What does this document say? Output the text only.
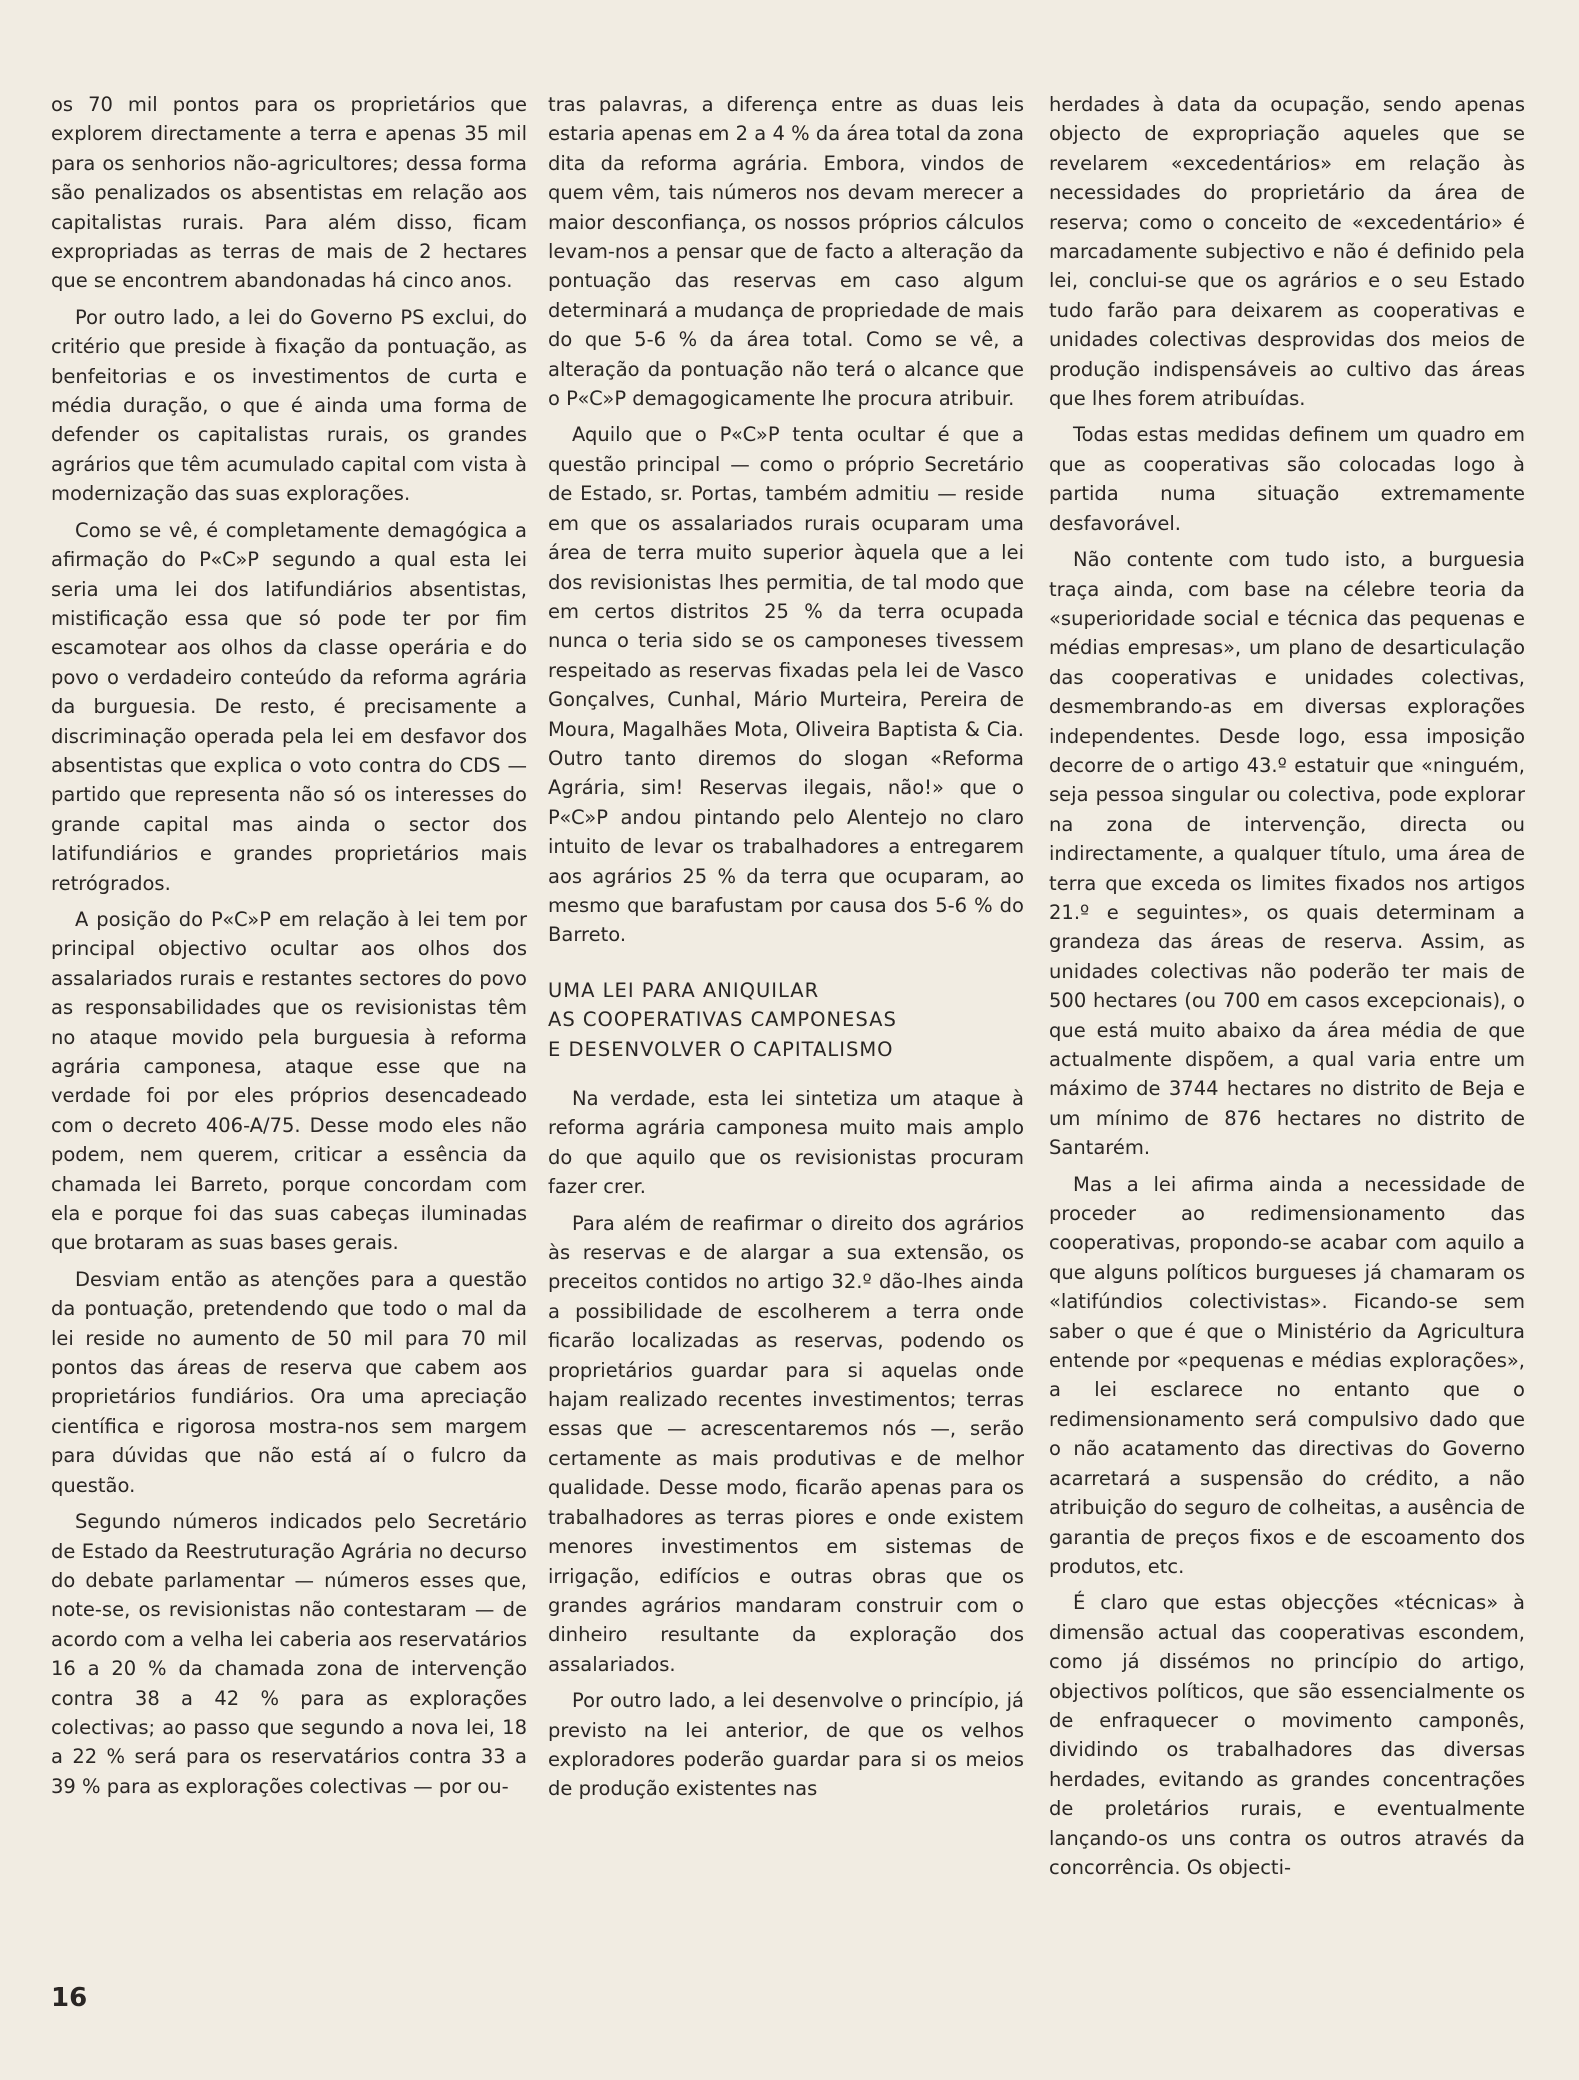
os 70 mil pontos para os proprietários que explorem directamente a terra e apenas 35 mil para os senhorios não-agricultores; dessa forma são penalizados os absentistas em relação aos capitalistas rurais. Para além disso, ficam expropriadas as terras de mais de 2 hectares que se encontrem abandonadas há cinco anos.

Por outro lado, a lei do Governo PS exclui, do critério que preside à fixação da pontuação, as benfeitorias e os investimentos de curta e média duração, o que é ainda uma forma de defender os capitalistas rurais, os grandes agrários que têm acumulado capital com vista à modernização das suas explorações.

Como se vê, é completamente demagógica a afirmação do P«C»P segundo a qual esta lei seria uma lei dos latifundiários absentistas, mistificação essa que só pode ter por fim escamotear aos olhos da classe operária e do povo o verdadeiro conteúdo da reforma agrária da burguesia. De resto, é precisamente a discriminação operada pela lei em desfavor dos absentistas que explica o voto contra do CDS — partido que representa não só os interesses do grande capital mas ainda o sector dos latifundiários e grandes proprietários mais retrógrados.

A posição do P«C»P em relação à lei tem por principal objectivo ocultar aos olhos dos assalariados rurais e restantes sectores do povo as responsabilidades que os revisionistas têm no ataque movido pela burguesia à reforma agrária camponesa, ataque esse que na verdade foi por eles próprios desencadeado com o decreto 406-A/75. Desse modo eles não podem, nem querem, criticar a essência da chamada lei Barreto, porque concordam com ela e porque foi das suas cabeças iluminadas que brotaram as suas bases gerais.

Desviam então as atenções para a questão da pontuação, pretendendo que todo o mal da lei reside no aumento de 50 mil para 70 mil pontos das áreas de reserva que cabem aos proprietários fundiários. Ora uma apreciação científica e rigorosa mostra-nos sem margem para dúvidas que não está aí o fulcro da questão.

Segundo números indicados pelo Secretário de Estado da Reestruturação Agrária no decurso do debate parlamentar — números esses que, note-se, os revisionistas não contestaram — de acordo com a velha lei caberia aos reservatários 16 a 20 % da chamada zona de intervenção contra 38 a 42 % para as explorações colectivas; ao passo que segundo a nova lei, 18 a 22 % será para os reservatários contra 33 a 39 % para as explorações colectivas — por ou-

tras palavras, a diferença entre as duas leis estaria apenas em 2 a 4 % da área total da zona dita da reforma agrária. Embora, vindos de quem vêm, tais números nos devam merecer a maior desconfiança, os nossos próprios cálculos levam-nos a pensar que de facto a alteração da pontuação das reservas em caso algum determinará a mudança de propriedade de mais do que 5-6 % da área total. Como se vê, a alteração da pontuação não terá o alcance que o P«C»P demagogicamente lhe procura atribuir.

Aquilo que o P«C»P tenta ocultar é que a questão principal — como o próprio Secretário de Estado, sr. Portas, também admitiu — reside em que os assalariados rurais ocuparam uma área de terra muito superior àquela que a lei dos revisionistas lhes permitia, de tal modo que em certos distritos 25 % da terra ocupada nunca o teria sido se os camponeses tivessem respeitado as reservas fixadas pela lei de Vasco Gonçalves, Cunhal, Mário Murteira, Pereira de Moura, Magalhães Mota, Oliveira Baptista & Cia. Outro tanto diremos do slogan «Reforma Agrária, sim! Reservas ilegais, não!» que o P«C»P andou pintando pelo Alentejo no claro intuito de levar os trabalhadores a entregarem aos agrários 25 % da terra que ocuparam, ao mesmo que barafustam por causa dos 5-6 % do Barreto.

UMA LEI PARA ANIQUILAR
AS COOPERATIVAS CAMPONESAS
E DESENVOLVER O CAPITALISMO

Na verdade, esta lei sintetiza um ataque à reforma agrária camponesa muito mais amplo do que aquilo que os revisionistas procuram fazer crer.

Para além de reafirmar o direito dos agrários às reservas e de alargar a sua extensão, os preceitos contidos no artigo 32.º dão-lhes ainda a possibilidade de escolherem a terra onde ficarão localizadas as reservas, podendo os proprietários guardar para si aquelas onde hajam realizado recentes investimentos; terras essas que — acrescentaremos nós —, serão certamente as mais produtivas e de melhor qualidade. Desse modo, ficarão apenas para os trabalhadores as terras piores e onde existem menores investimentos em sistemas de irrigação, edifícios e outras obras que os grandes agrários mandaram construir com o dinheiro resultante da exploração dos assalariados.

Por outro lado, a lei desenvolve o princípio, já previsto na lei anterior, de que os velhos exploradores poderão guardar para si os meios de produção existentes nas

herdades à data da ocupação, sendo apenas objecto de expropriação aqueles que se revelarem «excedentários» em relação às necessidades do proprietário da área de reserva; como o conceito de «excedentário» é marcadamente subjectivo e não é definido pela lei, conclui-se que os agrários e o seu Estado tudo farão para deixarem as cooperativas e unidades colectivas desprovidas dos meios de produção indispensáveis ao cultivo das áreas que lhes forem atribuídas.

Todas estas medidas definem um quadro em que as cooperativas são colocadas logo à partida numa situação extremamente desfavorável.

Não contente com tudo isto, a burguesia traça ainda, com base na célebre teoria da «superioridade social e técnica das pequenas e médias empresas», um plano de desarticulação das cooperativas e unidades colectivas, desmembrando-as em diversas explorações independentes. Desde logo, essa imposição decorre de o artigo 43.º estatuir que «ninguém, seja pessoa singular ou colectiva, pode explorar na zona de intervenção, directa ou indirectamente, a qualquer título, uma área de terra que exceda os limites fixados nos artigos 21.º e seguintes», os quais determinam a grandeza das áreas de reserva. Assim, as unidades colectivas não poderão ter mais de 500 hectares (ou 700 em casos excepcionais), o que está muito abaixo da área média de que actualmente dispõem, a qual varia entre um máximo de 3744 hectares no distrito de Beja e um mínimo de 876 hectares no distrito de Santarém.

Mas a lei afirma ainda a necessidade de proceder ao redimensionamento das cooperativas, propondo-se acabar com aquilo a que alguns políticos burgueses já chamaram os «latifúndios colectivistas». Ficando-se sem saber o que é que o Ministério da Agricultura entende por «pequenas e médias explorações», a lei esclarece no entanto que o redimensionamento será compulsivo dado que o não acatamento das directivas do Governo acarretará a suspensão do crédito, a não atribuição do seguro de colheitas, a ausência de garantia de preços fixos e de escoamento dos produtos, etc.

É claro que estas objecções «técnicas» à dimensão actual das cooperativas escondem, como já dissémos no princípio do artigo, objectivos políticos, que são essencialmente os de enfraquecer o movimento camponês, dividindo os trabalhadores das diversas herdades, evitando as grandes concentrações de proletários rurais, e eventualmente lançando-os uns contra os outros através da concorrência. Os objecti-

16
